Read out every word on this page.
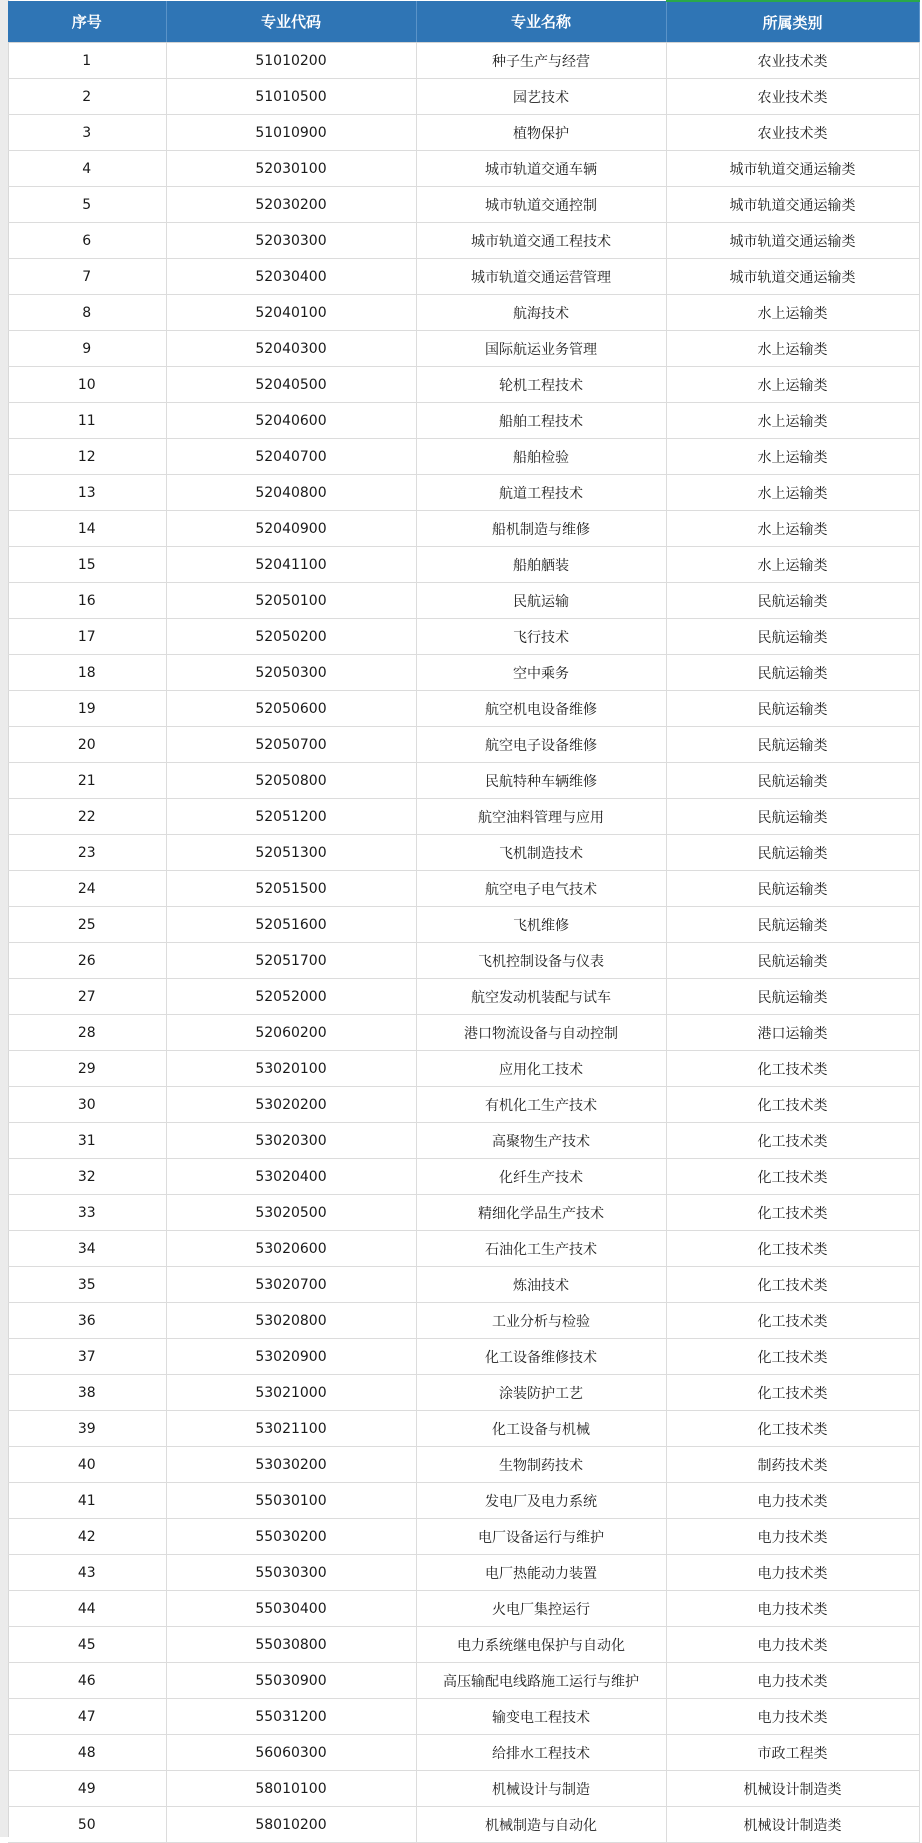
序号	专业代码	专业名称	所属类别
1	51010200	种子生产与经营	农业技术类
2	51010500	园艺技术	农业技术类
3	51010900	植物保护	农业技术类
4	52030100	城市轨道交通车辆	城市轨道交通运输类
5	52030200	城市轨道交通控制	城市轨道交通运输类
6	52030300	城市轨道交通工程技术	城市轨道交通运输类
7	52030400	城市轨道交通运营管理	城市轨道交通运输类
8	52040100	航海技术	水上运输类
9	52040300	国际航运业务管理	水上运输类
10	52040500	轮机工程技术	水上运输类
11	52040600	船舶工程技术	水上运输类
12	52040700	船舶检验	水上运输类
13	52040800	航道工程技术	水上运输类
14	52040900	船机制造与维修	水上运输类
15	52041100	船舶舾装	水上运输类
16	52050100	民航运输	民航运输类
17	52050200	飞行技术	民航运输类
18	52050300	空中乘务	民航运输类
19	52050600	航空机电设备维修	民航运输类
20	52050700	航空电子设备维修	民航运输类
21	52050800	民航特种车辆维修	民航运输类
22	52051200	航空油料管理与应用	民航运输类
23	52051300	飞机制造技术	民航运输类
24	52051500	航空电子电气技术	民航运输类
25	52051600	飞机维修	民航运输类
26	52051700	飞机控制设备与仪表	民航运输类
27	52052000	航空发动机装配与试车	民航运输类
28	52060200	港口物流设备与自动控制	港口运输类
29	53020100	应用化工技术	化工技术类
30	53020200	有机化工生产技术	化工技术类
31	53020300	高聚物生产技术	化工技术类
32	53020400	化纤生产技术	化工技术类
33	53020500	精细化学品生产技术	化工技术类
34	53020600	石油化工生产技术	化工技术类
35	53020700	炼油技术	化工技术类
36	53020800	工业分析与检验	化工技术类
37	53020900	化工设备维修技术	化工技术类
38	53021000	涂装防护工艺	化工技术类
39	53021100	化工设备与机械	化工技术类
40	53030200	生物制药技术	制药技术类
41	55030100	发电厂及电力系统	电力技术类
42	55030200	电厂设备运行与维护	电力技术类
43	55030300	电厂热能动力装置	电力技术类
44	55030400	火电厂集控运行	电力技术类
45	55030800	电力系统继电保护与自动化	电力技术类
46	55030900	高压输配电线路施工运行与维护	电力技术类
47	55031200	输变电工程技术	电力技术类
48	56060300	给排水工程技术	市政工程类
49	58010100	机械设计与制造	机械设计制造类
50	58010200	机械制造与自动化	机械设计制造类
